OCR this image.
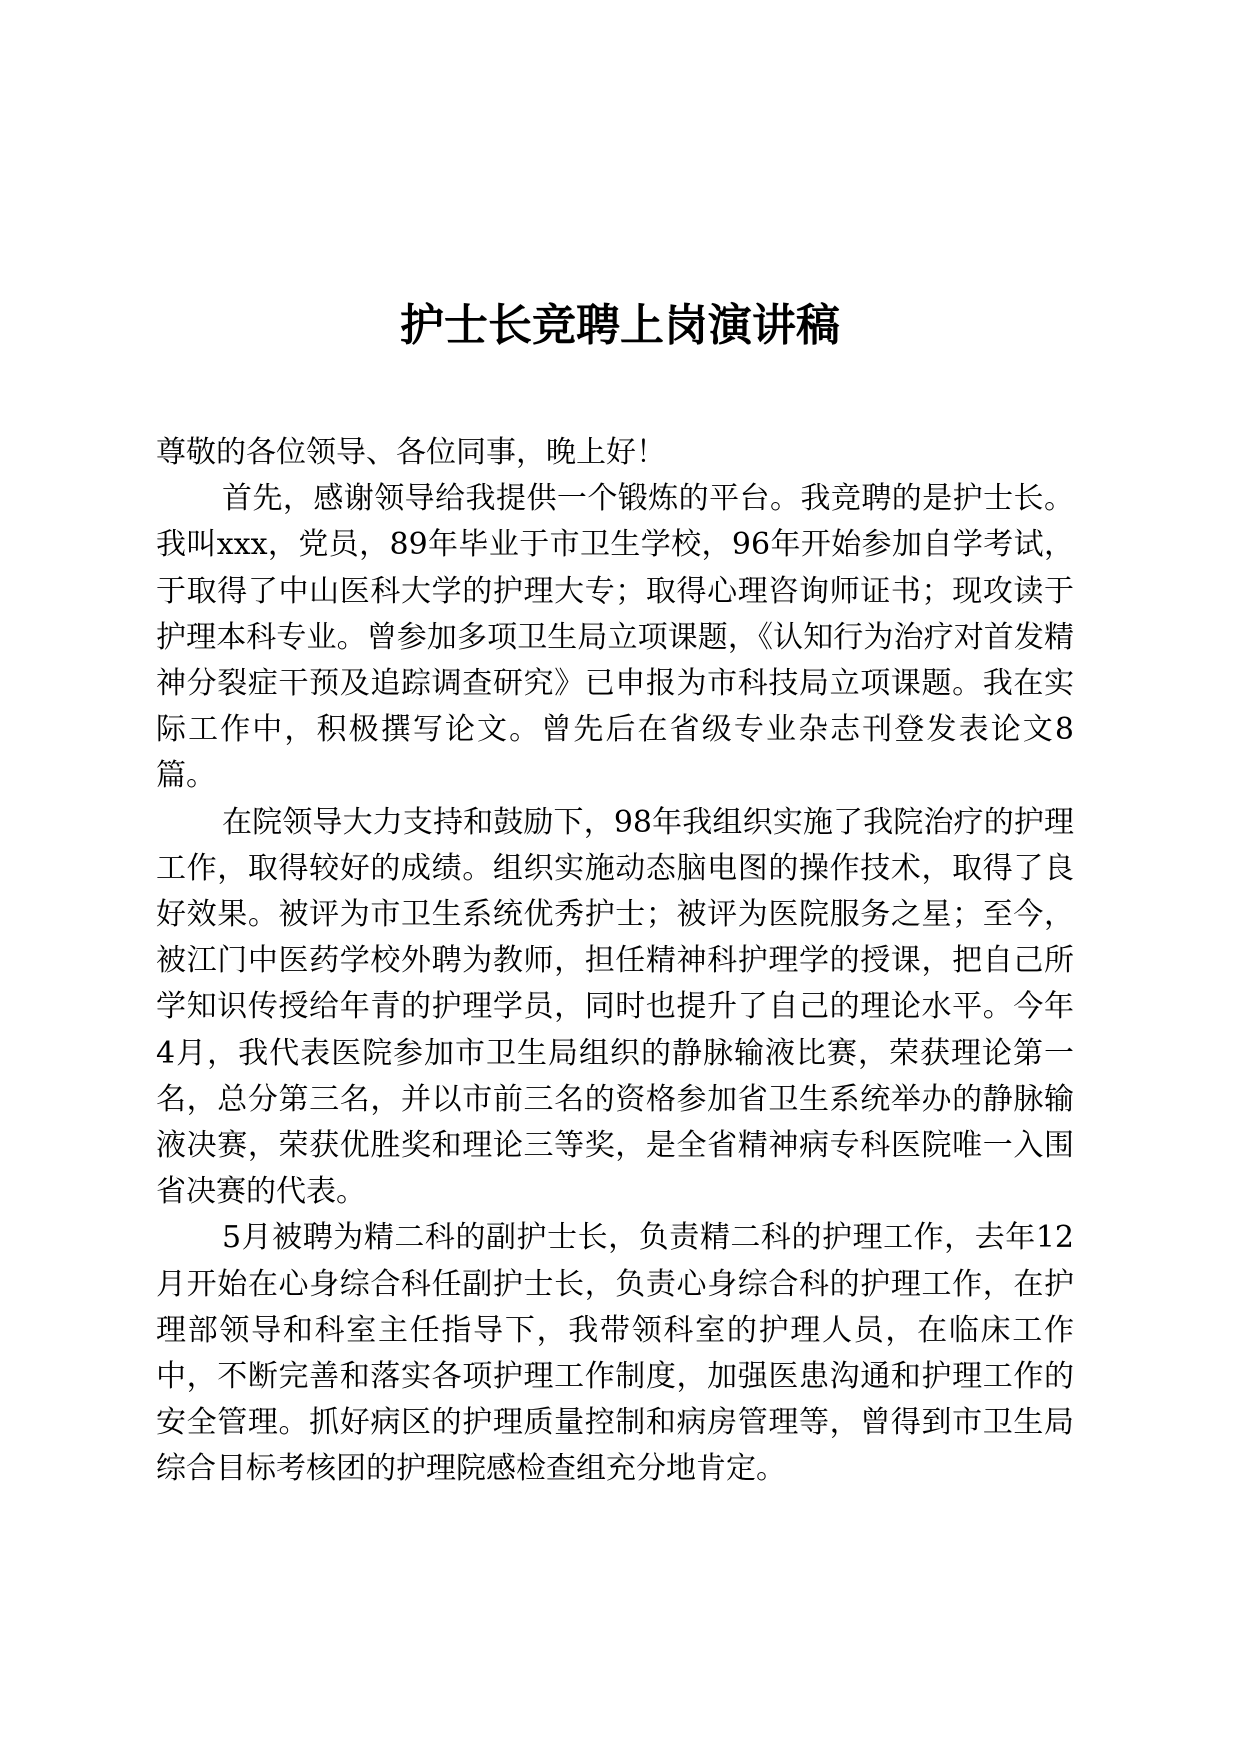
护士长竞聘上岗演讲稿

尊敬的各位领导、各位同事，晚上好！

首先，感谢领导给我提供一个锻炼的平台。我竞聘的是护士长。我叫xxx，党员，89年毕业于市卫生学校，96年开始参加自学考试，于取得了中山医科大学的护理大专；取得心理咨询师证书；现攻读于护理本科专业。曾参加多项卫生局立项课题，《认知行为治疗对首发精神分裂症干预及追踪调查研究》已申报为市科技局立项课题。我在实际工作中，积极撰写论文。曾先后在省级专业杂志刊登发表论文8篇。

在院领导大力支持和鼓励下，98年我组织实施了我院治疗的护理工作，取得较好的成绩。组织实施动态脑电图的操作技术，取得了良好效果。被评为市卫生系统优秀护士；被评为医院服务之星；至今，被江门中医药学校外聘为教师，担任精神科护理学的授课，把自己所学知识传授给年青的护理学员，同时也提升了自己的理论水平。今年4月，我代表医院参加市卫生局组织的静脉输液比赛，荣获理论第一名，总分第三名，并以市前三名的资格参加省卫生系统举办的静脉输液决赛，荣获优胜奖和理论三等奖，是全省精神病专科医院唯一入围省决赛的代表。

5月被聘为精二科的副护士长，负责精二科的护理工作，去年12月开始在心身综合科任副护士长，负责心身综合科的护理工作，在护理部领导和科室主任指导下，我带领科室的护理人员，在临床工作中，不断完善和落实各项护理工作制度，加强医患沟通和护理工作的安全管理。抓好病区的护理质量控制和病房管理等，曾得到市卫生局综合目标考核团的护理院感检查组充分地肯定。
